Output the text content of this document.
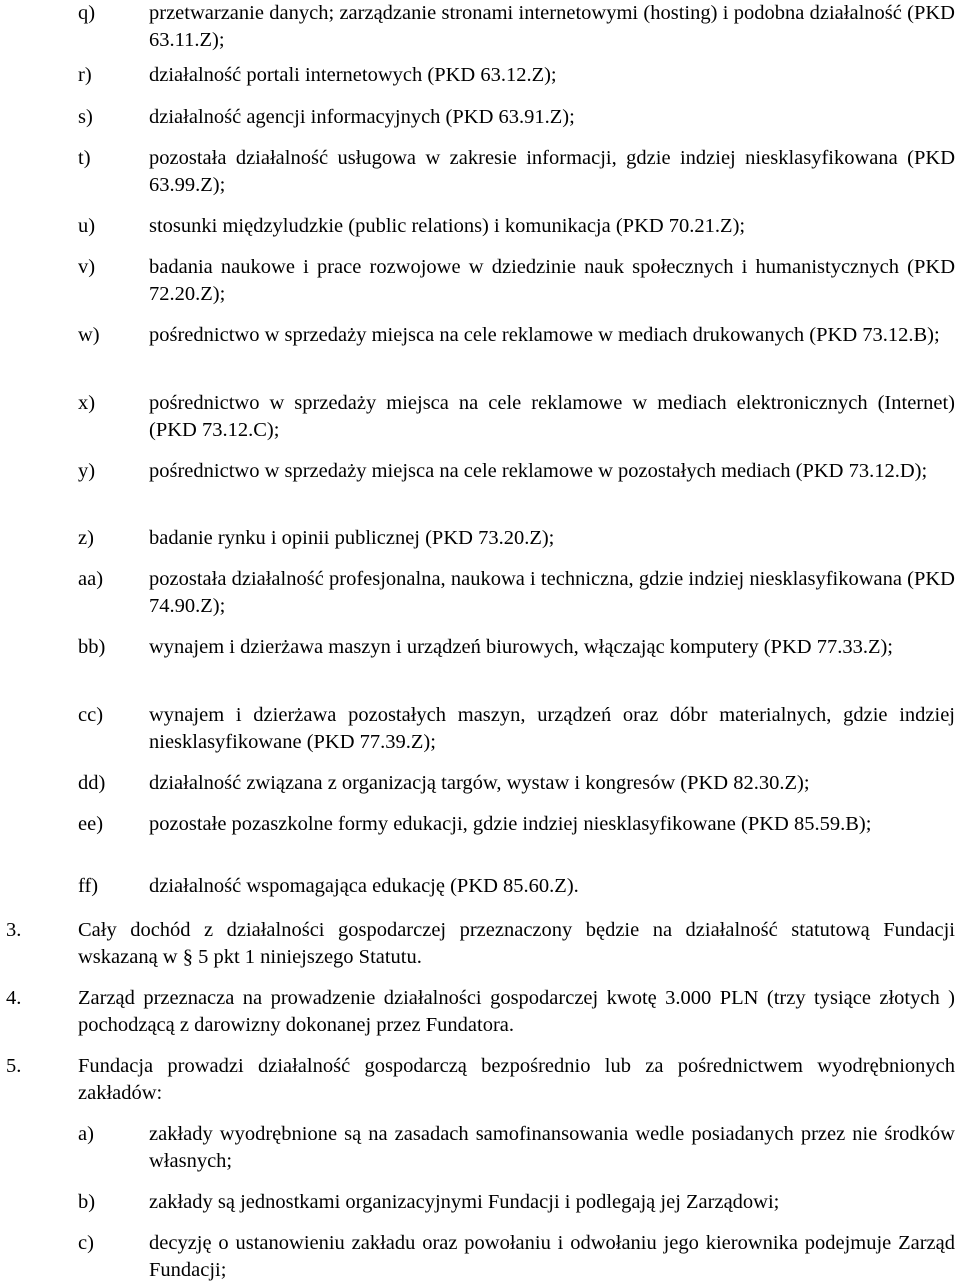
q)	przetwarzanie danych; zarządzanie stronami internetowymi (hosting) i podobna działalność (PKD 63.11.Z);
r)	działalność portali internetowych (PKD 63.12.Z);
s)	działalność agencji informacyjnych (PKD 63.91.Z);
t)	pozostała działalność usługowa w zakresie informacji, gdzie indziej niesklasyfikowana (PKD 63.99.Z);
u)	stosunki międzyludzkie (public relations) i komunikacja (PKD 70.21.Z);
v)	badania naukowe i prace rozwojowe w dziedzinie nauk społecznych i humanistycznych (PKD 72.20.Z);
w) pośrednictwo w sprzedaży miejsca na cele reklamowe w mediach drukowanych (PKD 73.12.B);
x)	pośrednictwo w sprzedaży miejsca na cele reklamowe w mediach elektronicznych (Internet) (PKD 73.12.C);
y)	pośrednictwo w sprzedaży miejsca na cele reklamowe w pozostałych mediach (PKD 73.12.D);
z)	badanie rynku i opinii publicznej (PKD 73.20.Z);
aa) pozostała działalność profesjonalna, naukowa i techniczna, gdzie indziej niesklasyfikowana (PKD 74.90.Z);
bb) wynajem i dzierżawa maszyn i urządzeń biurowych, włączając komputery (PKD 77.33.Z);
cc) wynajem i dzierżawa pozostałych maszyn, urządzeń oraz dóbr materialnych, gdzie indziej niesklasyfikowane (PKD 77.39.Z);
dd) działalność związana z organizacją targów, wystaw i kongresów (PKD 82.30.Z);
ee) pozostałe pozaszkolne formy edukacji, gdzie indziej niesklasyfikowane (PKD 85.59.B);
ff) działalność wspomagająca edukację (PKD 85.60.Z).
3.	Cały dochód z działalności gospodarczej przeznaczony będzie na działalność statutową Fundacji wskazaną w § 5 pkt 1 niniejszego Statutu.
4.	Zarząd przeznacza na prowadzenie działalności gospodarczej kwotę 3.000 PLN (trzy tysiące złotych ) pochodzącą z darowizny dokonanej przez Fundatora.
5.	Fundacja prowadzi działalność gospodarczą bezpośrednio lub za pośrednictwem wyodrębnionych zakładów:
a)	zakłady wyodrębnione są na zasadach samofinansowania wedle posiadanych przez nie środków własnych;
b)	zakłady są jednostkami organizacyjnymi Fundacji i podlegają jej Zarządowi;
c)	decyzję o ustanowieniu zakładu oraz powołaniu i odwołaniu jego kierownika podejmuje Zarząd Fundacji;
